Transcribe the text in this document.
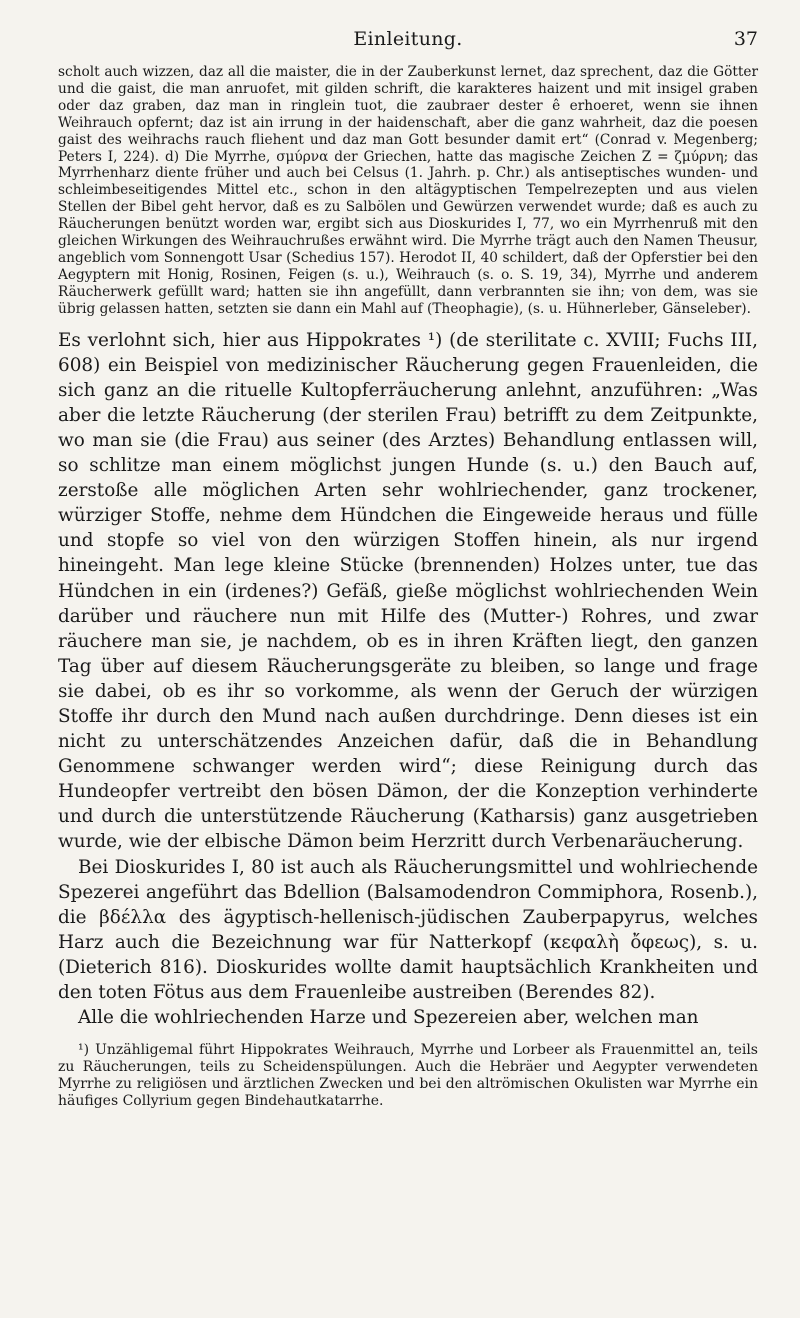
Einleitung.	37

scholt auch wizzen, daz all die maister, die in der Zauberkunst lernet, daz sprechent, daz die Götter und die gaist, die man anruofet, mit gilden schrift, die karakteres haizent und mit insigel graben oder daz graben, daz man in ringlein tuot, die zaubraer dester ê erhoeret, wenn sie ihnen Weihrauch opfernt; daz ist ain irrung in der haidenschaft, aber die ganz wahrheit, daz die poesen gaist des weihrachs rauch fliehent und daz man Gott besunder damit ert“ (Conrad v. Megenberg; Peters I, 224). d) Die Myrrhe, σμύρνα der Griechen, hatte das magische Zeichen Z = ζμύρνη; das Myrrhenharz diente früher und auch bei Celsus (1. Jahrh. p. Chr.) als antiseptisches wunden- und schleimbeseitigendes Mittel etc., schon in den altägyptischen Tempelrezepten und aus vielen Stellen der Bibel geht hervor, daß es zu Salbölen und Gewürzen verwendet wurde; daß es auch zu Räucherungen benützt worden war, ergibt sich aus Dioskurides I, 77, wo ein Myrrhenruß mit den gleichen Wirkungen des Weihrauchrußes erwähnt wird. Die Myrrhe trägt auch den Namen Theusur, angeblich vom Sonnengott Usar (Schedius 157). Herodot II, 40 schildert, daß der Opferstier bei den Aegyptern mit Honig, Rosinen, Feigen (s. u.), Weihrauch (s. o. S. 19, 34), Myrrhe und anderem Räucherwerk gefüllt ward; hatten sie ihn angefüllt, dann verbrannten sie ihn; von dem, was sie übrig gelassen hatten, setzten sie dann ein Mahl auf (Theophagie), (s. u. Hühnerleber, Gänseleber).

Es verlohnt sich, hier aus Hippokrates ¹) (de sterilitate c. XVIII; Fuchs III, 608) ein Beispiel von medizinischer Räucherung gegen Frauenleiden, die sich ganz an die rituelle Kultopferräucherung anlehnt, anzuführen: „Was aber die letzte Räucherung (der sterilen Frau) betrifft zu dem Zeitpunkte, wo man sie (die Frau) aus seiner (des Arztes) Behandlung entlassen will, so schlitze man einem möglichst jungen Hunde (s. u.) den Bauch auf, zerstoße alle möglichen Arten sehr wohlriechender, ganz trockener, würziger Stoffe, nehme dem Hündchen die Eingeweide heraus und fülle und stopfe so viel von den würzigen Stoffen hinein, als nur irgend hineingeht. Man lege kleine Stücke (brennenden) Holzes unter, tue das Hündchen in ein (irdenes?) Gefäß, gieße möglichst wohlriechenden Wein darüber und räuchere nun mit Hilfe des (Mutter-) Rohres, und zwar räuchere man sie, je nachdem, ob es in ihren Kräften liegt, den ganzen Tag über auf diesem Räucherungsgeräte zu bleiben, so lange und frage sie dabei, ob es ihr so vorkomme, als wenn der Geruch der würzigen Stoffe ihr durch den Mund nach außen durchdringe. Denn dieses ist ein nicht zu unterschätzendes Anzeichen dafür, daß die in Behandlung Genommene schwanger werden wird“; diese Reinigung durch das Hundeopfer vertreibt den bösen Dämon, der die Konzeption verhinderte und durch die unterstützende Räucherung (Katharsis) ganz ausgetrieben wurde, wie der elbische Dämon beim Herzritt durch Verbenaräucherung.

Bei Dioskurides I, 80 ist auch als Räucherungsmittel und wohlriechende Spezerei angeführt das Bdellion (Balsamodendron Commiphora, Rosenb.), die βδέλλα des ägyptisch-hellenisch-jüdischen Zauberpapyrus, welches Harz auch die Bezeichnung war für Natterkopf (κεφαλὴ ὄφεως), s. u. (Dieterich 816). Dioskurides wollte damit hauptsächlich Krankheiten und den toten Fötus aus dem Frauenleibe austreiben (Berendes 82).

Alle die wohlriechenden Harze und Spezereien aber, welchen man

¹) Unzähligemal führt Hippokrates Weihrauch, Myrrhe und Lorbeer als Frauenmittel an, teils zu Räucherungen, teils zu Scheidenspülungen. Auch die Hebräer und Aegypter verwendeten Myrrhe zu religiösen und ärztlichen Zwecken und bei den altrömischen Okulisten war Myrrhe ein häufiges Collyrium gegen Bindehautkatarrhe.
